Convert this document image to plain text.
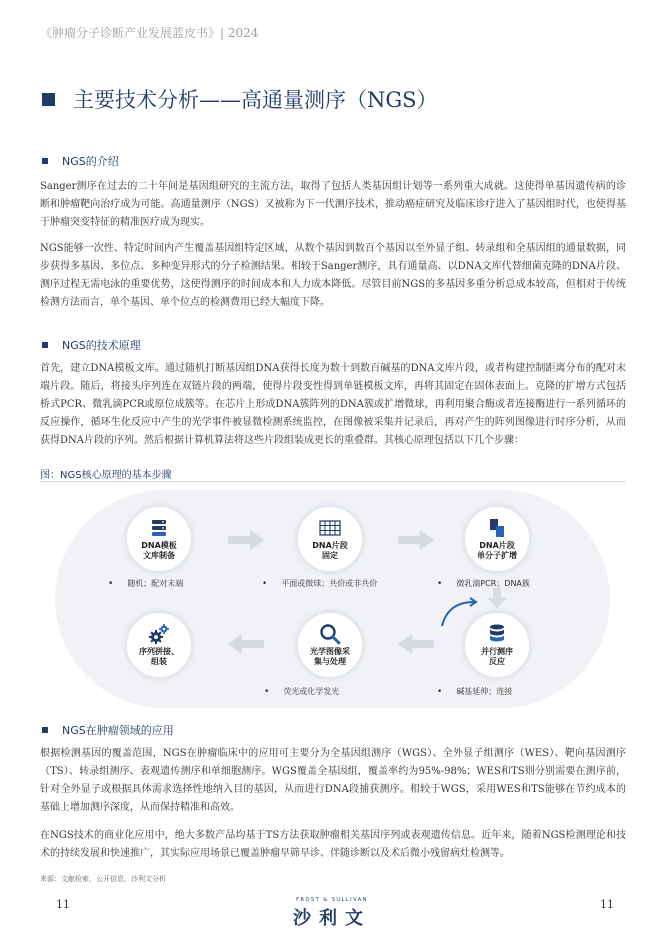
《肿瘤分子诊断产业发展蓝皮书》| 2024
主要技术分析——高通量测序（NGS）
NGS的介绍

Sanger测序在过去的二十年间是基因组研究的主流方法，取得了包括人类基因组计划等一系列重大成就。这使得单基因遗传病的诊断和肿瘤靶向治疗成为可能。高通量测序（NGS）又被称为下一代测序技术，推动癌症研究及临床诊疗进入了基因组时代，也使得基于肿瘤突变特征的精准医疗成为现实。

NGS能够一次性、特定时间内产生覆盖基因组特定区域，从数个基因到数百个基因以至外显子组、转录组和全基因组的通量数据，同步获得多基因、多位点、多种变异形式的分子检测结果。相较于Sanger测序，具有通量高、以DNA文库代替细菌克隆的DNA片段、测序过程无需电泳的重要优势，这使得测序的时间成本和人力成本降低。尽管目前NGS的多基因多重分析总成本较高，但相对于传统检测方法而言，单个基因、单个位点的检测费用已经大幅度下降。

NGS的技术原理

首先，建立DNA模板文库。通过随机打断基因组DNA获得长度为数十到数百碱基的DNA文库片段，或者构建控制距离分布的配对末端片段。随后，将接头序列连在双链片段的两端，使得片段变性得到单链模板文库，再将其固定在固体表面上。克隆的扩增方式包括桥式PCR、微乳滴PCR或原位成簇等。在芯片上形成DNA簇阵列的DNA簇或扩增微球，再利用聚合酶或者连接酶进行一系列循环的反应操作，循环生化反应中产生的光学事件被显微检测系统监控，在图像被采集并记录后，再对产生的阵列图像进行时序分析，从而获得DNA片段的序列。然后根据计算机算法将这些片段组装成更长的重叠群。其核心原理包括以下几个步骤：

图：NGS核心原理的基本步骤
DNA模板
文库制备
DNA片段
固定
DNA片段
单分子扩增
并行测序
反应
光学图像采
集与处理
序列拼接、
组装
• 随机；配对末端	• 平面或微球；共价或非共价	• 微乳滴PCR；DNA簇
• 荧光或化学发光	• 碱基延伸；连接
NGS在肿瘤领域的应用

根据检测基因的覆盖范围，NGS在肿瘤临床中的应用可主要分为全基因组测序（WGS）、全外显子组测序（WES）、靶向基因测序（TS）、转录组测序、表观遗传测序和单细胞测序。WGS覆盖全基因组，覆盖率约为95%-98%；WES和TS则分别需要在测序前，针对全外显子或根据具体需求选择性地纳入目的基因，从而进行DNA段捕获测序。相较于WGS，采用WES和TS能够在节约成本的基础上增加测序深度，从而保持精准和高效。

在NGS技术的商业化应用中，绝大多数产品均基于TS方法获取肿瘤相关基因序列或表观遗传信息。近年来，随着NGS检测理论和技术的持续发展和快速推广，其实际应用场景已覆盖肿瘤早筛早诊、伴随诊断以及术后微小残留病灶检测等。

来源：文献检索，公开信息，沙利文分析
11	11
FROST & SULLIVAN
沙利文
